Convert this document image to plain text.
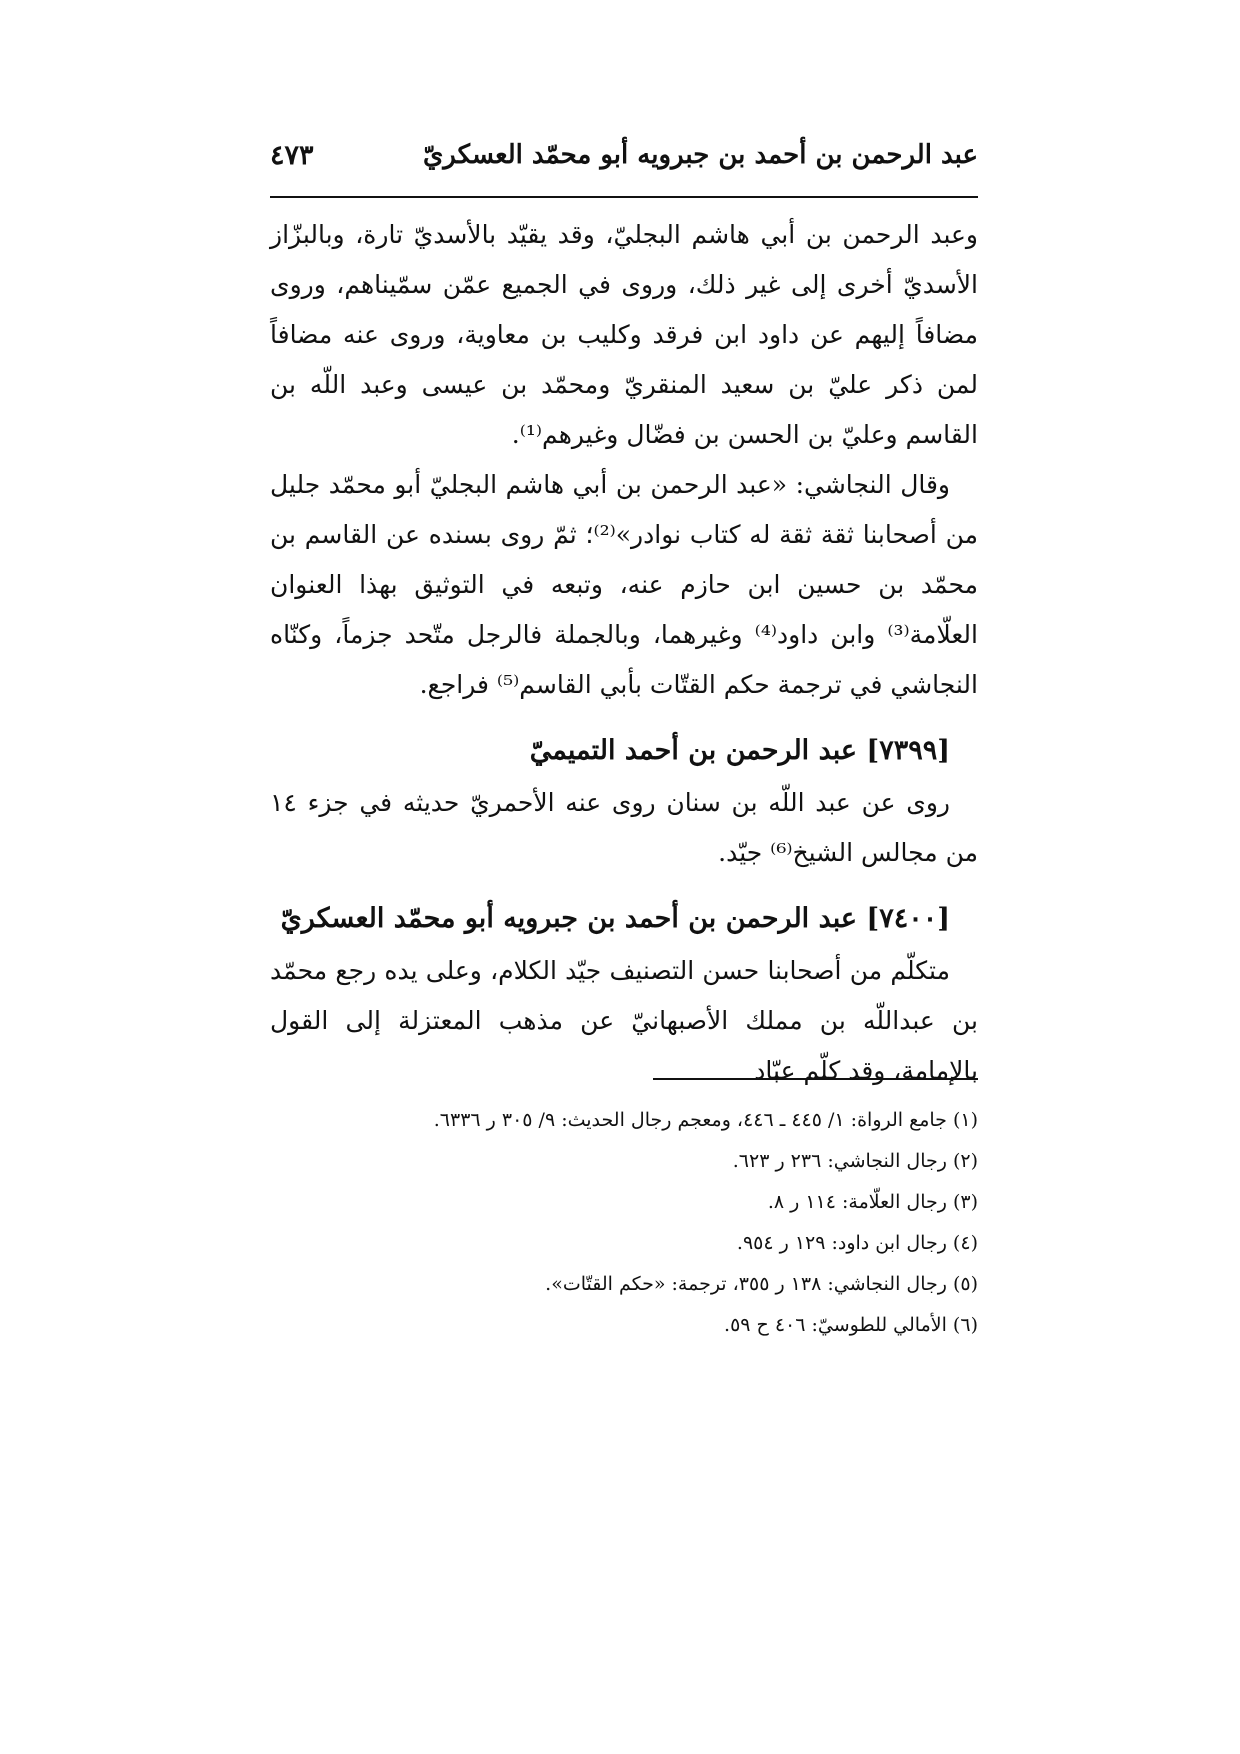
عبد الرحمن بن أحمد بن جبرويه أبو محمّد العسكريّ
٤٧٣

وعبد الرحمن بن أبي هاشم البجليّ، وقد يقيّد بالأسديّ تارة، وبالبزّاز الأسديّ أخرى إلى غير ذلك، وروى في الجميع عمّن سمّيناهم، وروى مضافاً إليهم عن داود ابن فرقد وكليب بن معاوية، وروى عنه مضافاً لمن ذكر عليّ بن سعيد المنقريّ ومحمّد بن عيسى وعبد اللّه بن القاسم وعليّ بن الحسن بن فضّال وغيرهم⁽¹⁾.

وقال النجاشي: «عبد الرحمن بن أبي هاشم البجليّ أبو محمّد جليل من أصحابنا ثقة ثقة له كتاب نوادر»⁽²⁾؛ ثمّ روى بسنده عن القاسم بن محمّد بن حسين ابن حازم عنه، وتبعه في التوثيق بهذا العنوان العلّامة⁽³⁾ وابن داود⁽⁴⁾ وغيرهما، وبالجملة فالرجل متّحد جزماً، وكنّاه النجاشي في ترجمة حكم القتّات بأبي القاسم⁽⁵⁾ فراجع.

[٧٣٩٩] عبد الرحمن بن أحمد التميميّ

روى عن عبد اللّه بن سنان روى عنه الأحمريّ حديثه في جزء ١٤ من مجالس الشيخ⁽⁶⁾ جيّد.

[٧٤٠٠] عبد الرحمن بن أحمد بن جبرويه أبو محمّد العسكريّ

متكلّم من أصحابنا حسن التصنيف جيّد الكلام، وعلى يده رجع محمّد بن عبداللّه بن مملك الأصبهانيّ عن مذهب المعتزلة إلى القول بالإمامة، وقد كلّم عبّاد

(١) جامع الرواة: ١/ ٤٤٥ ـ ٤٤٦، ومعجم رجال الحديث: ٩/ ٣٠٥ ر ٦٣٣٦.
(٢) رجال النجاشي: ٢٣٦ ر ٦٢٣.
(٣) رجال العلّامة: ١١٤ ر ٨.
(٤) رجال ابن داود: ١٢٩ ر ٩٥٤.
(٥) رجال النجاشي: ١٣٨ ر ٣٥٥، ترجمة: «حكم القتّات».
(٦) الأمالي للطوسيّ: ٤٠٦ ح ٥٩.
